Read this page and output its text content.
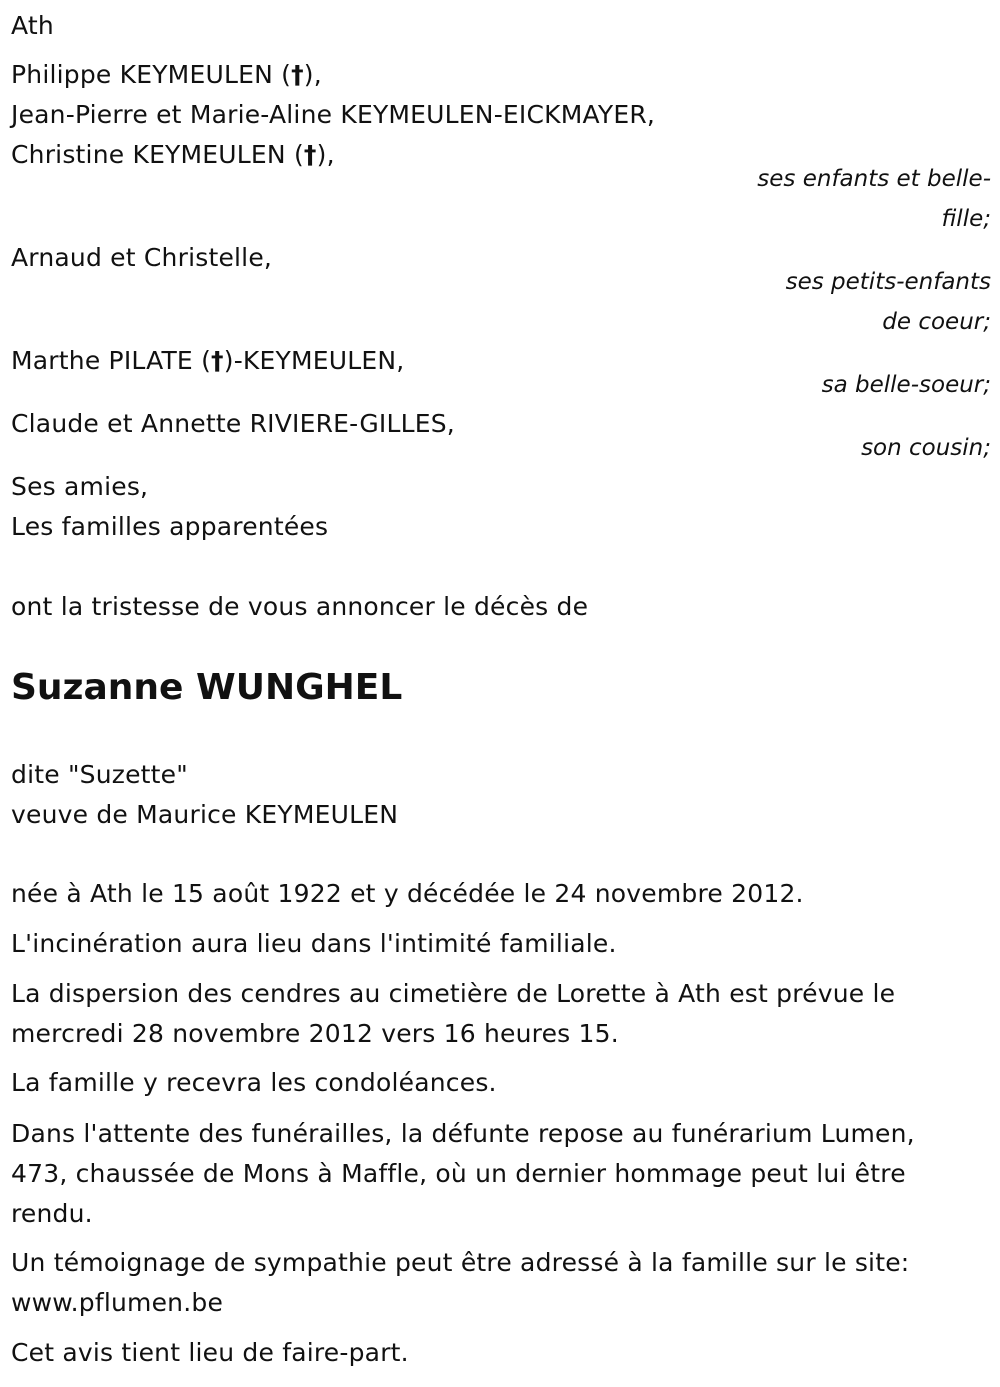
Ath
Philippe KEYMEULEN (†),
Jean-Pierre et Marie-Aline KEYMEULEN-EICKMAYER,
Christine KEYMEULEN (†),
ses enfants et belle-
fille;
Arnaud et Christelle,
ses petits-enfants
de coeur;
Marthe PILATE (†)-KEYMEULEN,
sa belle-soeur;
Claude et Annette RIVIERE-GILLES,
son cousin;
Ses amies,
Les familles apparentées
ont la tristesse de vous annoncer le décès de
Suzanne WUNGHEL
dite "Suzette"
veuve de Maurice KEYMEULEN
née à Ath le 15 août 1922 et y décédée le 24 novembre 2012.
L'incinération aura lieu dans l'intimité familiale.
La dispersion des cendres au cimetière de Lorette à Ath est prévue le
mercredi 28 novembre 2012 vers 16 heures 15.
La famille y recevra les condoléances.
Dans l'attente des funérailles, la défunte repose au funérarium Lumen,
473, chaussée de Mons à Maffle, où un dernier hommage peut lui être
rendu.
Un témoignage de sympathie peut être adressé à la famille sur le site:
www.pflumen.be
Cet avis tient lieu de faire-part.
